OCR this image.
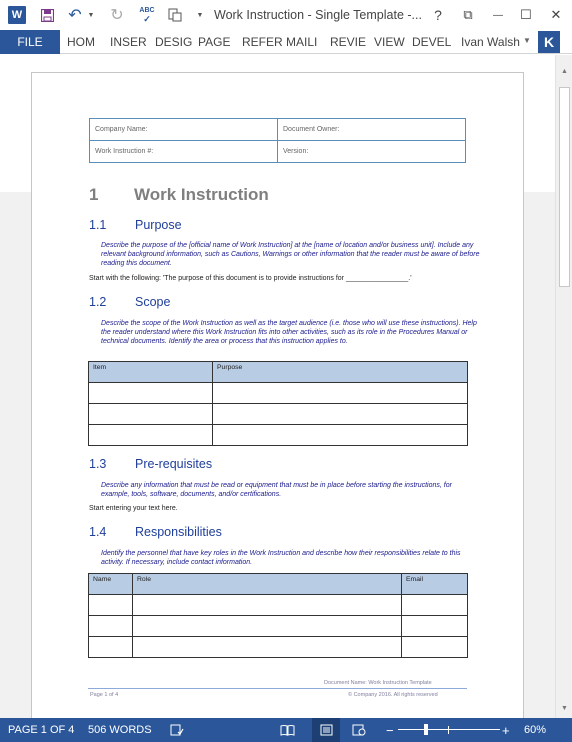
W	↶ ▼ ↻	ABC
✓	▼ Work Instruction - Single Template -... ?	⧉	—	☐	✕
FILE	HOM INSER DESIG PAGE REFER MAILI REVIE VIEW DEVEL Ivan Walsh ▼ K
Company Name:	Document Owner:
Work Instruction #:	Version:
1 Work Instruction
1.1 Purpose
Describe the purpose of the [official name of Work Instruction] at the [name of location and/or business unit]. Include any relevant background information, such as Cautions, Warnings or other information that the reader must be aware of before reading this document.
Start with the following: 'The purpose of this document is to provide instructions for ________________.'
1.2 Scope
Describe the scope of the Work Instruction as well as the target audience (i.e. those who will use these instructions). Help the reader understand where this Work Instruction fits into other activities, such as its role in the Procedures Manual or technical documents. Identify the area or process that this instruction applies to.
Item	Purpose

1.3 Pre-requisites
Describe any information that must be read or equipment that must be in place before starting the instructions, for example, tools, software, documents, and/or certifications.
Start entering your text here.
1.4 Responsibilities
Identify the personnel that have key roles in the Work Instruction and describe how their responsibilities relate to this activity. If necessary, include contact information.
Name	Role	Email

Document Name: Work Instruction Template
Page 1 of 4	© Company 2016. All rights reserved
▲
▼
PAGE 1 OF 4 506 WORDS	−	+ 60%
